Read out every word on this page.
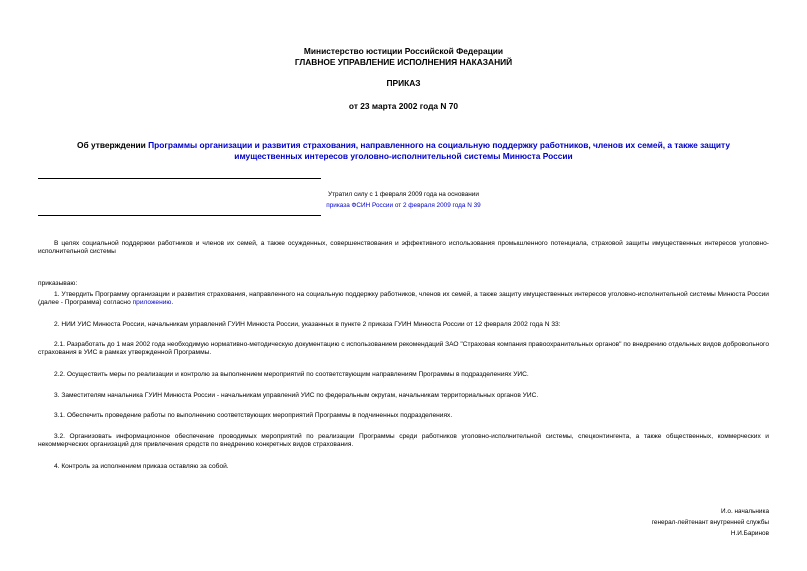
Министерство юстиции Российской Федерации
ГЛАВНОЕ УПРАВЛЕНИЕ ИСПОЛНЕНИЯ НАКАЗАНИЙ
ПРИКАЗ
от 23 марта 2002 года N 70
Об утверждении Программы организации и развития страхования, направленного на социальную поддержку работников, членов их семей, а также защиту имущественных интересов уголовно-исполнительной системы Минюста России
Утратил силу с 1 февраля 2009 года на основании
приказа ФСИН России от 2 февраля 2009 года N 39
В целях социальной поддержки работников и членов их семей, а также осужденных, совершенствования и эффективного использования промышленного потенциала, страховой защиты имущественных интересов уголовно-исполнительной системы
приказываю:
1. Утвердить Программу организации и развития страхования, направленного на социальную поддержку работников, членов их семей, а также защиту имущественных интересов уголовно-исполнительной системы Минюста России (далее - Программа) согласно приложению.
2. НИИ УИС Минюста России, начальникам управлений ГУИН Минюста России, указанных в пункте 2 приказа ГУИН Минюста России от 12 февраля 2002 года N 33:
2.1. Разработать до 1 мая 2002 года необходимую нормативно-методическую документацию с использованием рекомендаций ЗАО "Страховая компания правоохранительных органов" по внедрению отдельных видов добровольного страхования в УИС в рамках утвержденной Программы.
2.2. Осуществить меры по реализации и контролю за выполнением мероприятий по соответствующим направлениям Программы в подразделениях УИС.
3. Заместителям начальника ГУИН Минюста России - начальникам управлений УИС по федеральным округам, начальникам территориальных органов УИС.
3.1. Обеспечить проведение работы по выполнению соответствующих мероприятий Программы в подчиненных подразделениях.
3.2. Организовать информационное обеспечение проводимых мероприятий по реализации Программы среди работников уголовно-исполнительной системы, спецконтингента, а также общественных, коммерческих и некоммерческих организаций для привлечения средств по внедрению конкретных видов страхования.
4. Контроль за исполнением приказа оставляю за собой.
И.о. начальника
генерал-лейтенант внутренней службы
Н.И.Баринов
